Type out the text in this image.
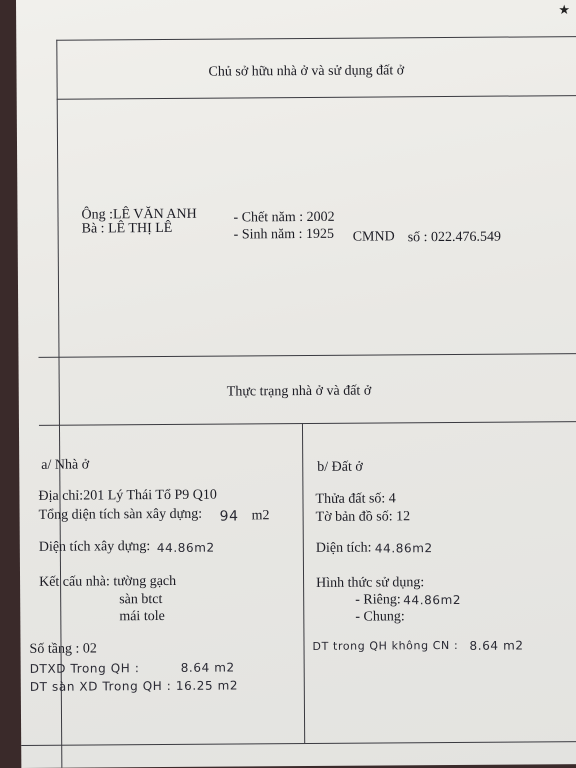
Chủ sở hữu nhà ở và sử dụng đất ở
Ông :LÊ VĂN ANH
Bà : LÊ THỊ LÊ
- Chết năm : 2002
- Sinh năm : 1925 CMND số : 022.476.549
Thực trạng nhà ở và đất ở
a/ Nhà ở
Địa chỉ:201 Lý Thái Tổ P9 Q10
Tổng diện tích sàn xây dựng: 94 m2
Diện tích xây dựng: 44.86m2
Kết cấu nhà: tường gạch
sàn btct
mái tole
Số tầng : 02
DTXD Trong QH :	8.64 m2
DT sàn XD Trong QH : 16.25 m2
b/ Đất ở
Thửa đất số: 4
Tờ bản đồ số: 12
Diện tích: 44.86m2
Hình thức sử dụng:
- Riêng: 44.86m2
- Chung:
DT trong QH không CN : 8.64 m2
★
